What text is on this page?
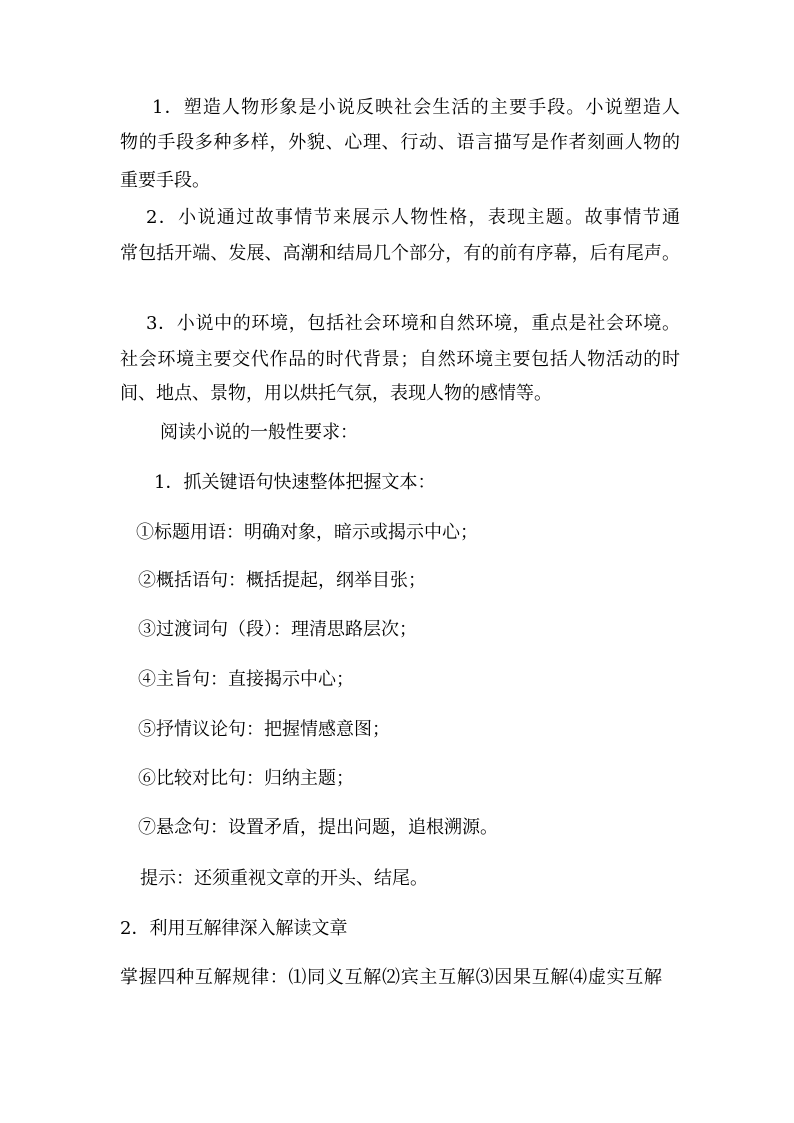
1．塑造人物形象是小说反映社会生活的主要手段。小说塑造人
物的手段多种多样，外貌、心理、行动、语言描写是作者刻画人物的
重要手段。
2．小说通过故事情节来展示人物性格，表现主题。故事情节通
常包括开端、发展、高潮和结局几个部分，有的前有序幕，后有尾声。
3．小说中的环境，包括社会环境和自然环境，重点是社会环境。
社会环境主要交代作品的时代背景；自然环境主要包括人物活动的时
间、地点、景物，用以烘托气氛，表现人物的感情等。
阅读小说的一般性要求：
1．抓关键语句快速整体把握文本：
①标题用语：明确对象，暗示或揭示中心；
②概括语句：概括提起，纲举目张；
③过渡词句（段）：理清思路层次；
④主旨句：直接揭示中心；
⑤抒情议论句：把握情感意图；
⑥比较对比句：归纳主题；
⑦悬念句：设置矛盾，提出问题，追根溯源。
提示：还须重视文章的开头、结尾。
2．利用互解律深入解读文章
掌握四种互解规律：⑴同义互解⑵宾主互解⑶因果互解⑷虚实互解
